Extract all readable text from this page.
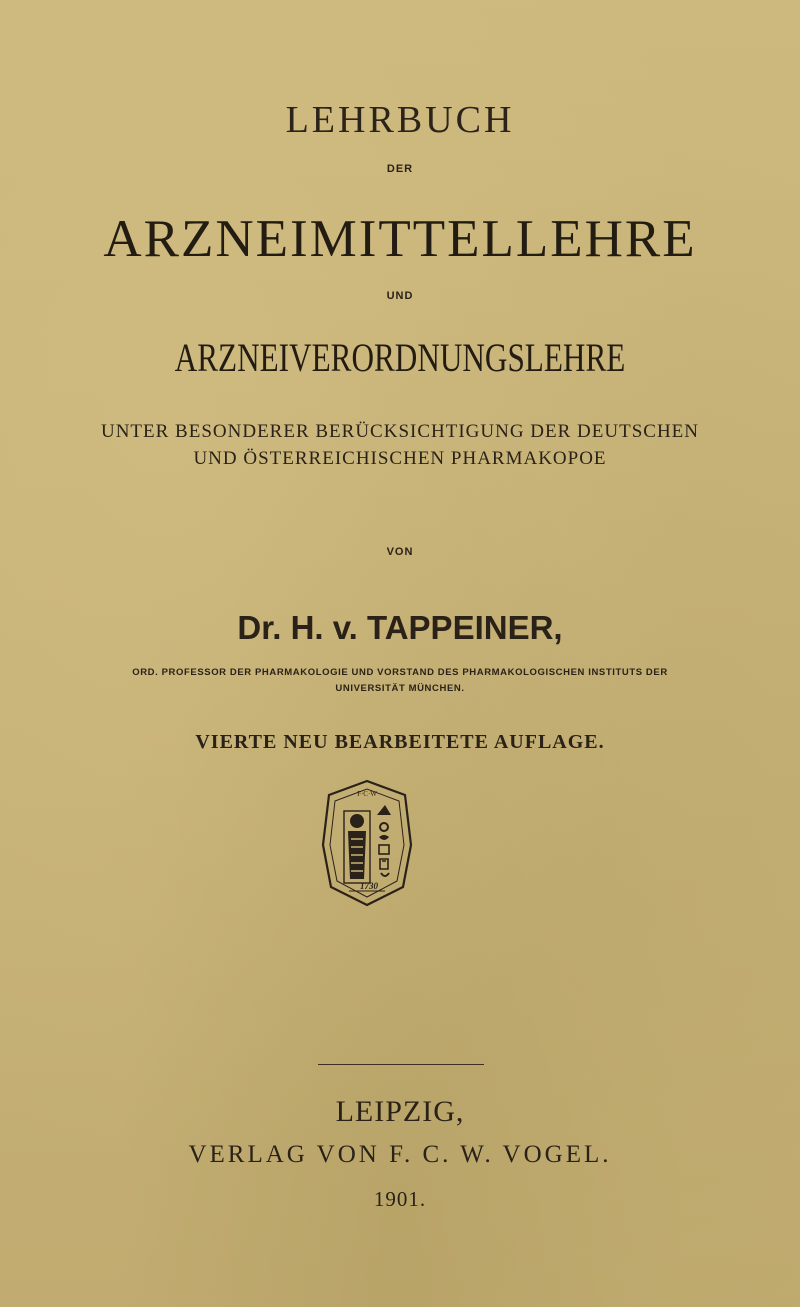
LEHRBUCH
DER
ARZNEIMITTELLEHRE
UND
ARZNEIVERORDNUNGSLEHRE
UNTER BESONDERER BERÜCKSICHTIGUNG DER DEUTSCHEN
UND ÖSTERREICHISCHEN PHARMAKOPOE
VON
Dr. H. v. TAPPEINER,
ORD. PROFESSOR DER PHARMAKOLOGIE UND VORSTAND DES PHARMAKOLOGISCHEN INSTITUTS DER
UNIVERSITÄT MÜNCHEN.
VIERTE NEU BEARBEITETE AUFLAGE.
F·C·W
1730
LEIPZIG,
VERLAG VON F. C. W. VOGEL.
1901.
